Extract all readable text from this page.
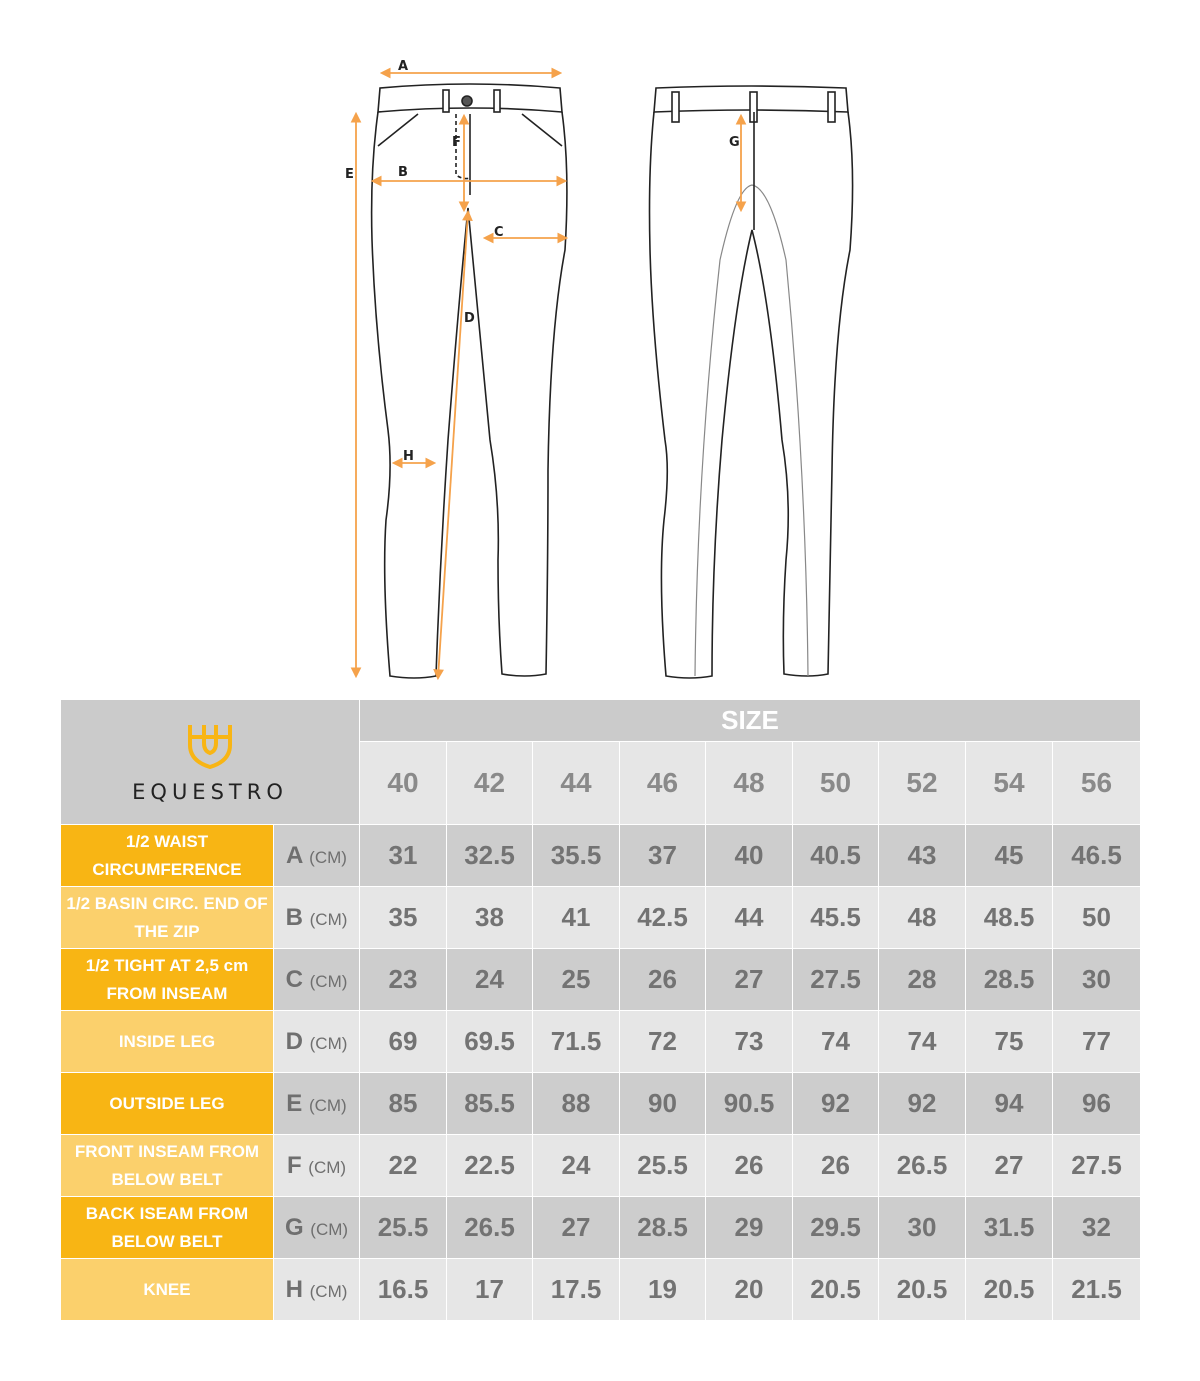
A
B
C
D
E
F	G
H
EQUESTRO		SIZE								
		40	42	44	46	48	50	52	54	56
1/2 WAIST CIRCUMFERENCE	A (CM)	31	32.5	35.5	37	40	40.5	43	45	46.5
1/2 BASIN CIRC. END OF THE ZIP	B (CM)	35	38	41	42.5	44	45.5	48	48.5	50
1/2 TIGHT AT 2,5 cm FROM INSEAM	C (CM)	23	24	25	26	27	27.5	28	28.5	30
INSIDE LEG	D (CM)	69	69.5	71.5	72	73	74	74	75	77
OUTSIDE LEG	E (CM)	85	85.5	88	90	90.5	92	92	94	96
FRONT INSEAM FROM BELOW BELT	F (CM)	22	22.5	24	25.5	26	26	26.5	27	27.5
BACK ISEAM FROM BELOW BELT	G (CM)	25.5	26.5	27	28.5	29	29.5	30	31.5	32
KNEE	H (CM)	16.5	17	17.5	19	20	20.5	20.5	20.5	21.5
